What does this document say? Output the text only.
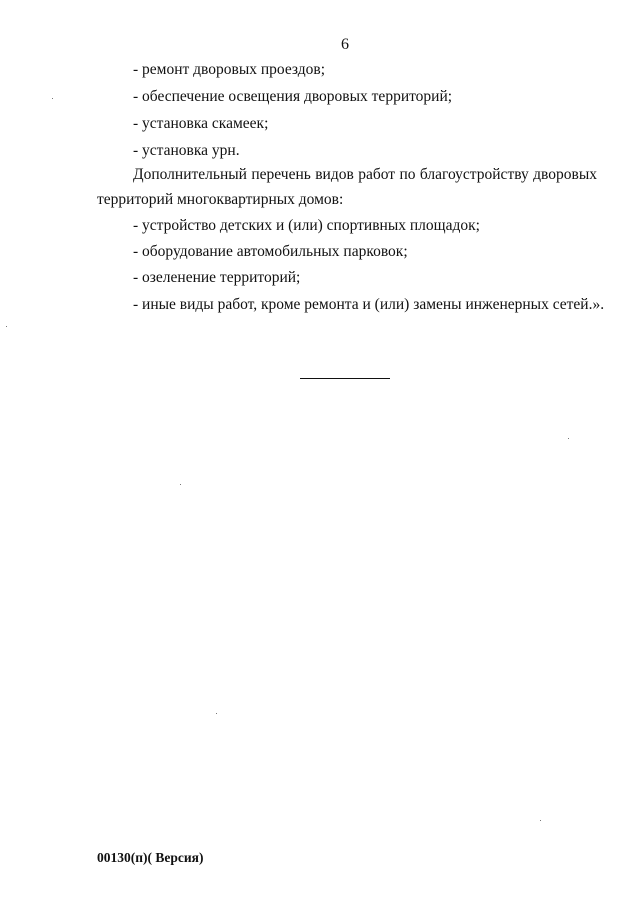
6
- ремонт дворовых проездов;
- обеспечение освещения дворовых территорий;
- установка скамеек;
- установка урн.
Дополнительный перечень видов работ по благоустройству дворовых
территорий многоквартирных домов:
- устройство детских и (или) спортивных площадок;
- оборудование автомобильных парковок;
- озеленение территорий;
- иные виды работ, кроме ремонта и (или) замены инженерных сетей.».
00130(п)( Версия)
